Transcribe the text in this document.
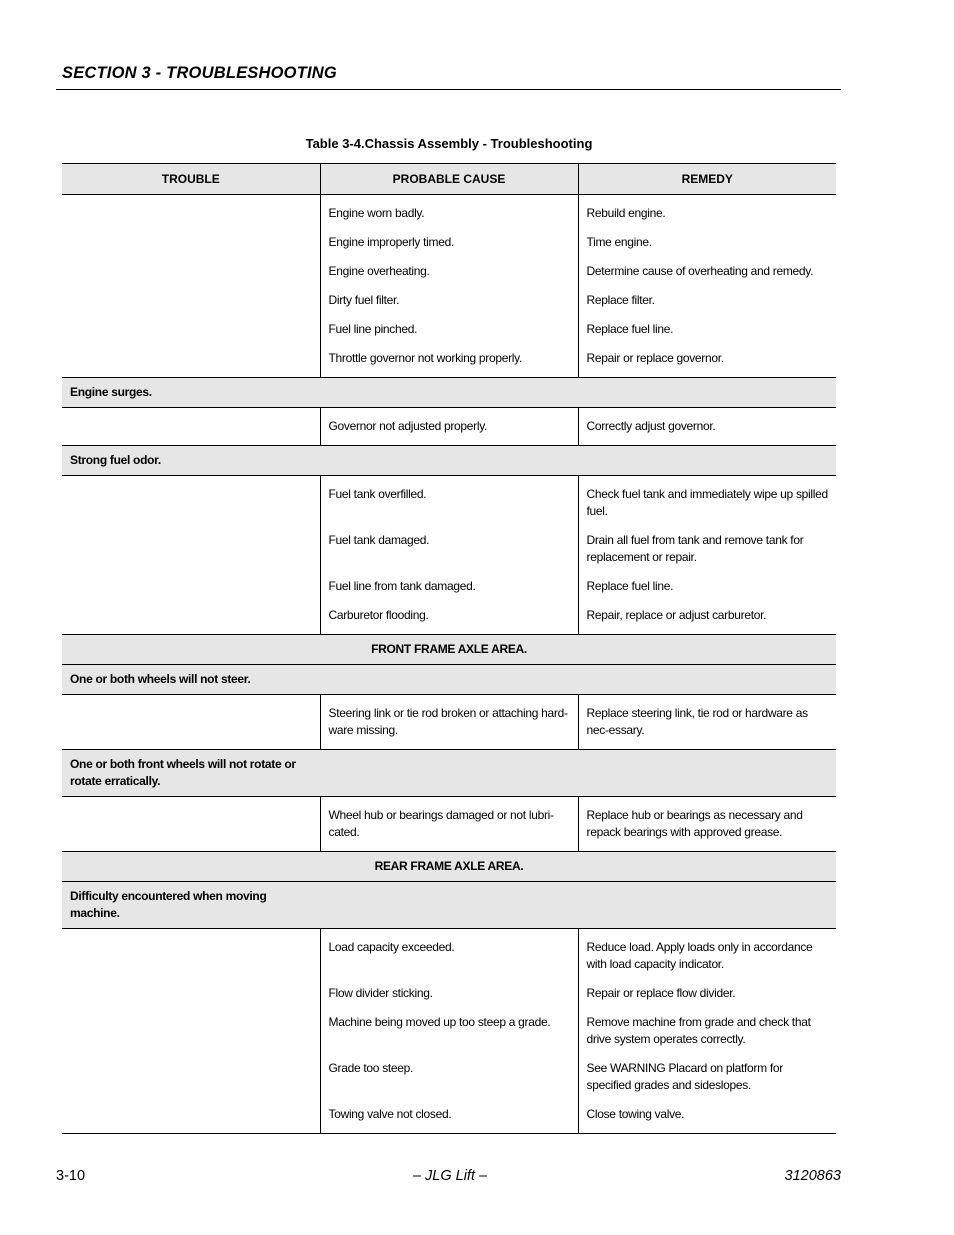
SECTION 3 - TROUBLESHOOTING
Table 3-4.Chassis Assembly - Troubleshooting
TROUBLE	PROBABLE CAUSE	REMEDY

	Engine worn badly.	Rebuild engine.
	Engine improperly timed.	Time engine.
	Engine overheating.	Determine cause of overheating and remedy.
	Dirty fuel filter.	Replace filter.
	Fuel line pinched.	Replace fuel line.
	Throttle governor not working properly.	Repair or replace governor.

Engine surges.		

	Governor not adjusted properly.	Correctly adjust governor.

Strong fuel odor.		

	Fuel tank overfilled.	Check fuel tank and immediately wipe up spilled fuel.
	Fuel tank damaged.	Drain all fuel from tank and remove tank for replacement or repair.
	Fuel line from tank damaged.	Replace fuel line.
	Carburetor flooding.	Repair, replace or adjust carburetor.

FRONT FRAME AXLE AREA.		

One or both wheels will not steer.		

	Steering link or tie rod broken or attaching hard-ware missing.	Replace steering link, tie rod or hardware as nec-essary.

One or both front wheels will not rotate or rotate erratically.		

	Wheel hub or bearings damaged or not lubri-cated.	Replace hub or bearings as necessary and repack bearings with approved grease.

REAR FRAME AXLE AREA.		

Difficulty encountered when moving machine.		

	Load capacity exceeded.	Reduce load. Apply loads only in accordance with load capacity indicator.
	Flow divider sticking.	Repair or replace flow divider.
	Machine being moved up too steep a grade.	Remove machine from grade and check that drive system operates correctly.
	Grade too steep.	See WARNING Placard on platform for specified grades and sideslopes.
	Towing valve not closed.	Close towing valve.

3-10	– JLG Lift –	3120863
